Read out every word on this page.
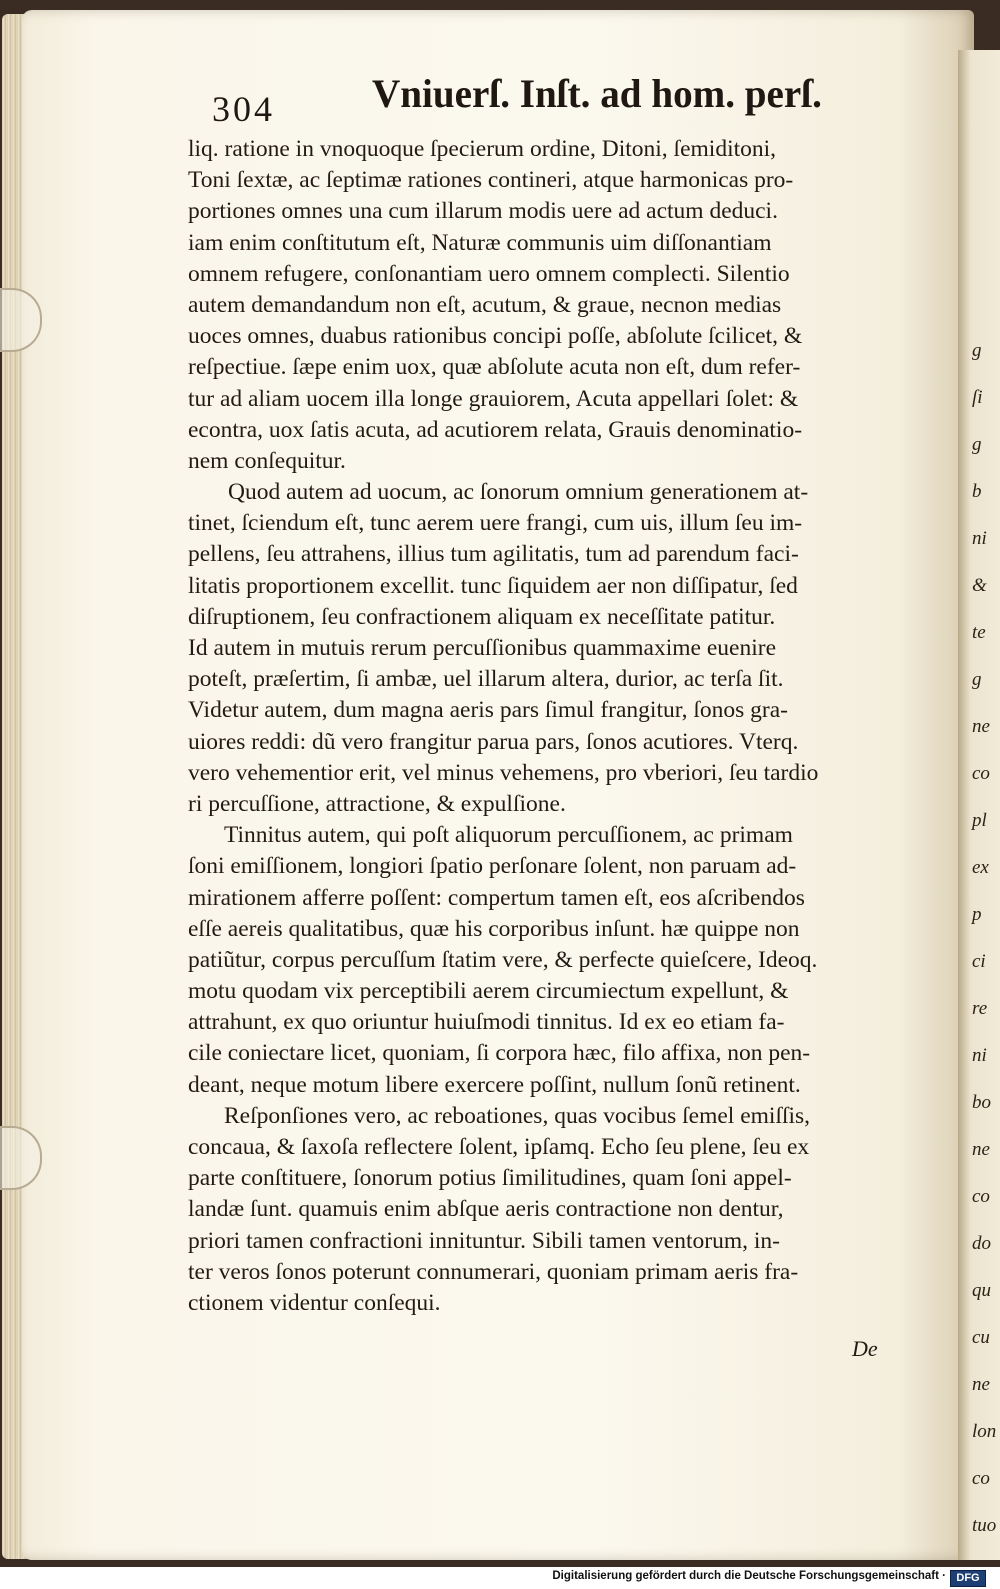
g
ſi
g
b
ni
&
te
g
ne
co
pl
ex
p
ci
re
ni
bo
ne
co
do
qu
cu
ne
lon
co
tuo
304 Vniuerſ. Inſt. ad hom. perſ.
liq. ratione in vnoquoque ſpecierum ordine, Ditoni, ſemiditoni,
Toni ſextæ, ac ſeptimæ rationes contineri, atque harmonicas pro-
portiones omnes una cum illarum modis uere ad actum deduci.
iam enim conſtitutum eſt, Naturæ communis uim diſſonantiam
omnem refugere, conſonantiam uero omnem complecti. Silentio
autem demandandum non eſt, acutum, & graue, necnon medias
uoces omnes, duabus rationibus concipi poſſe, abſolute ſcilicet, &
reſpectiue. ſæpe enim uox, quæ abſolute acuta non eſt, dum refer-
tur ad aliam uocem illa longe grauiorem, Acuta appellari ſolet: &
econtra, uox ſatis acuta, ad acutiorem relata, Grauis denominatio-
nem conſequitur.
Quod autem ad uocum, ac ſonorum omnium generationem at-
tinet, ſciendum eſt, tunc aerem uere frangi, cum uis, illum ſeu im-
pellens, ſeu attrahens, illius tum agilitatis, tum ad parendum faci-
litatis proportionem excellit. tunc ſiquidem aer non diſſipatur, ſed
diſruptionem, ſeu confractionem aliquam ex neceſſitate patitur.
Id autem in mutuis rerum percuſſionibus quammaxime euenire
poteſt, præſertim, ſi ambæ, uel illarum altera, durior, ac terſa ſit.
Videtur autem, dum magna aeris pars ſimul frangitur, ſonos gra-
uiores reddi: dũ vero frangitur parua pars, ſonos acutiores. Vterq.
vero vehementior erit, vel minus vehemens, pro vberiori, ſeu tardio
ri percuſſione, attractione, & expulſione.
Tinnitus autem, qui poſt aliquorum percuſſionem, ac primam
ſoni emiſſionem, longiori ſpatio perſonare ſolent, non paruam ad-
mirationem afferre poſſent: compertum tamen eſt, eos aſcribendos
eſſe aereis qualitatibus, quæ his corporibus inſunt. hæ quippe non
patiũtur, corpus percuſſum ſtatim vere, & perfecte quieſcere, Ideoq.
motu quodam vix perceptibili aerem circumiectum expellunt, &
attrahunt, ex quo oriuntur huiuſmodi tinnitus. Id ex eo etiam fa-
cile coniectare licet, quoniam, ſi corpora hæc, filo affixa, non pen-
deant, neque motum libere exercere poſſint, nullum ſonũ retinent.
Reſponſiones vero, ac reboationes, quas vocibus ſemel emiſſis,
concaua, & ſaxoſa reflectere ſolent, ipſamq. Echo ſeu plene, ſeu ex
parte conſtituere, ſonorum potius ſimilitudines, quam ſoni appel-
landæ ſunt. quamuis enim abſque aeris contractione non dentur,
priori tamen confractioni innituntur. Sibili tamen ventorum, in-
ter veros ſonos poterunt connumerari, quoniam primam aeris fra-
ctionem videntur conſequi.
De
Digitalisierung gefördert durch die Deutsche Forschungsgemeinschaft · DFG
